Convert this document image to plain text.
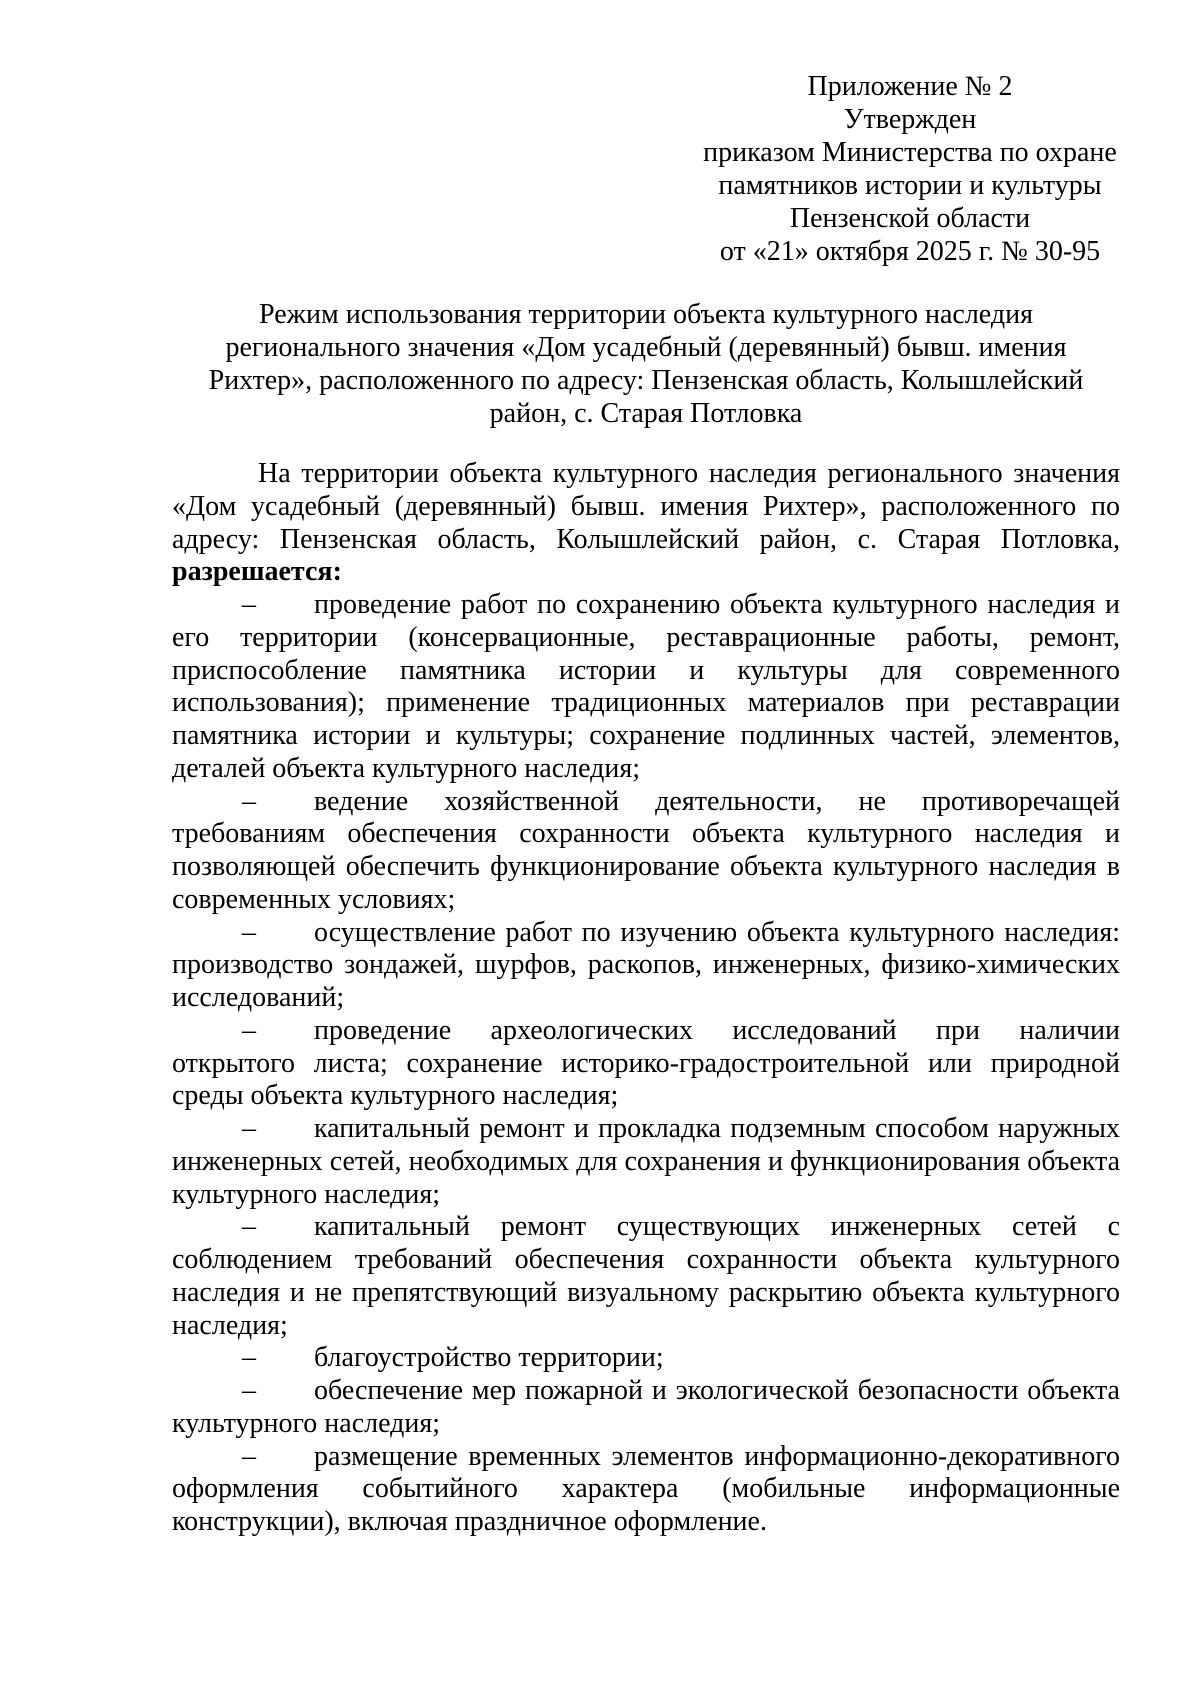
Приложение № 2
Утвержден
приказом Министерства по охране
памятников истории и культуры
Пензенской области
от «21» октября 2025 г. № 30-95
Режим использования территории объекта культурного наследия
регионального значения «Дом усадебный (деревянный) бывш. имения
Рихтер», расположенного по адресу: Пензенская область, Колышлейский
район, с. Старая Потловка

На территории объекта культурного наследия регионального значения «Дом усадебный (деревянный) бывш. имения Рихтер», расположенного по адресу: Пензенская область, Колышлейский район, с. Старая Потловка, разрешается:

– проведение работ по сохранению объекта культурного наследия и его территории (консервационные, реставрационные работы, ремонт, приспособление памятника истории и культуры для современного использования); применение традиционных материалов при реставрации памятника истории и культуры; сохранение подлинных частей, элементов, деталей объекта культурного наследия;
– ведение хозяйственной деятельности, не противоречащей требованиям обеспечения сохранности объекта культурного наследия и позволяющей обеспечить функционирование объекта культурного наследия в современных условиях;
– осуществление работ по изучению объекта культурного наследия: производство зондажей, шурфов, раскопов, инженерных, физико-химических исследований;
– проведение археологических исследований при наличии открытого листа; сохранение историко-градостроительной или природной среды объекта культурного наследия;
– капитальный ремонт и прокладка подземным способом наружных инженерных сетей, необходимых для сохранения и функционирования объекта культурного наследия;
– капитальный ремонт существующих инженерных сетей с соблюдением требований обеспечения сохранности объекта культурного наследия и не препятствующий визуальному раскрытию объекта культурного наследия;
– благоустройство территории;
– обеспечение мер пожарной и экологической безопасности объекта культурного наследия;
– размещение временных элементов информационно-декоративного оформления событийного характера (мобильные информационные конструкции), включая праздничное оформление.
